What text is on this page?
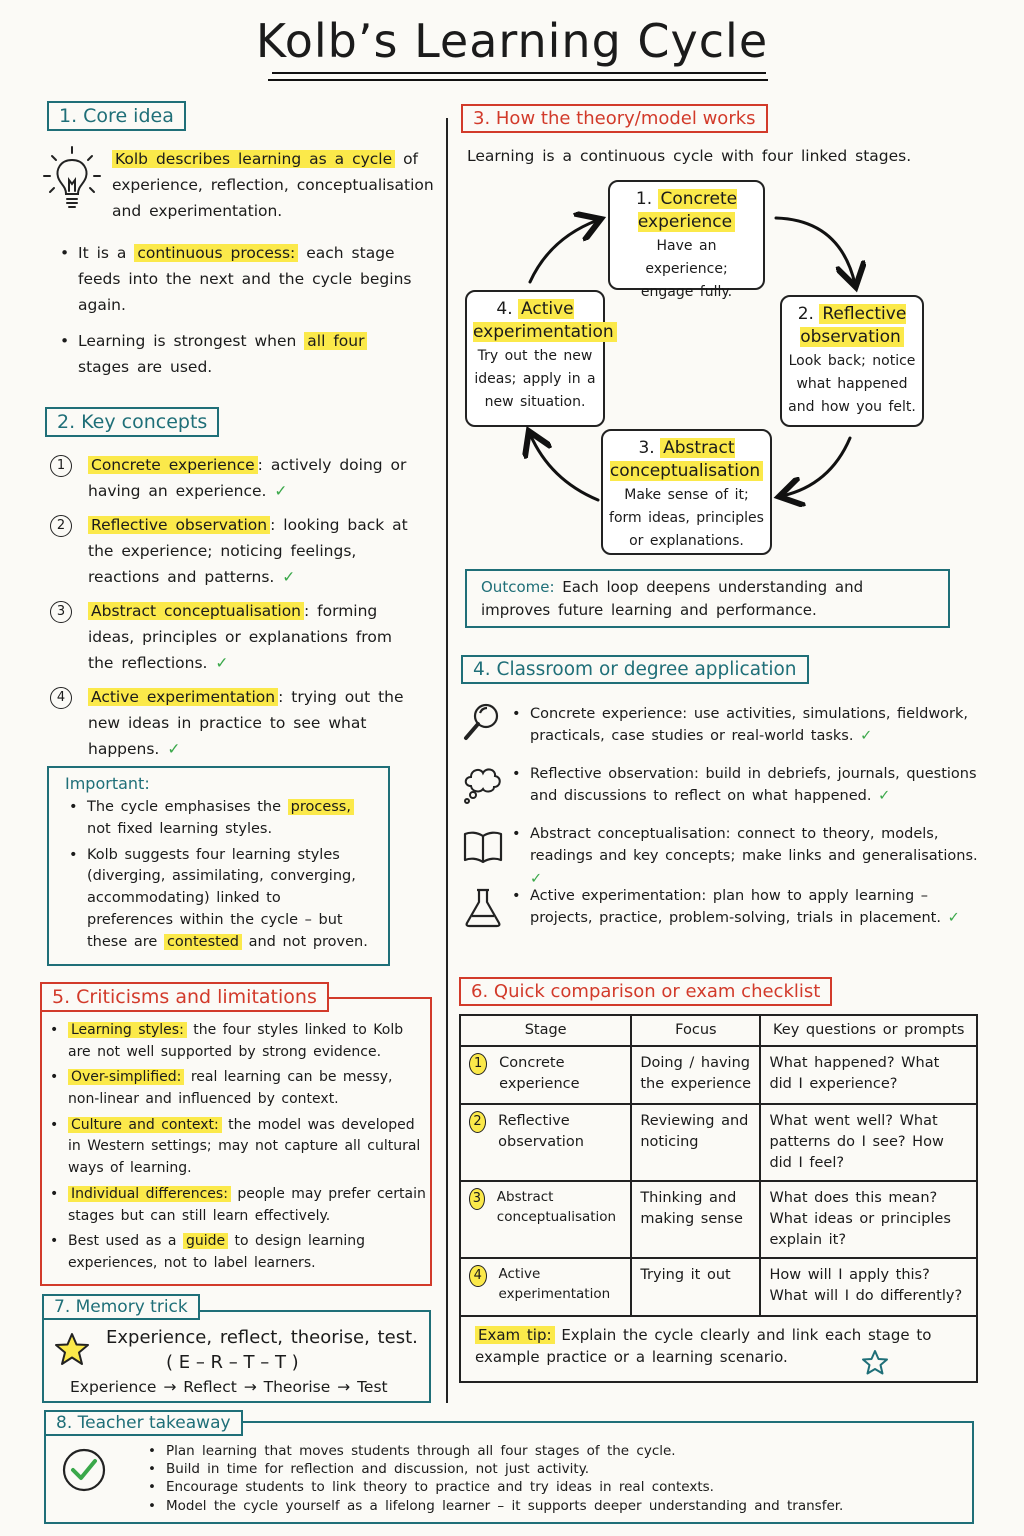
Kolb’s Learning Cycle
1. Core idea
Kolb describes learning as a cycle of experience, reflection, conceptualisation and experimentation.
• It is a continuous process: each stage feeds into the next and the cycle begins again.
• Learning is strongest when all four stages are used.
2. Key concepts
1	Concrete experience : actively doing or having an experience. ✓
2	Reflective observation : looking back at the experience; noticing feelings, reactions and patterns. ✓
3	Abstract conceptualisation : forming ideas, principles or explanations from the reflections. ✓
4	Active experimentation : trying out the new ideas in practice to see what happens. ✓
Important:
• The cycle emphasises the process, not fixed learning styles.
• Kolb suggests four learning styles (diverging, assimilating, converging, accommodating) linked to preferences within the cycle – but these are contested and not proven.
5. Criticisms and limitations
• Learning styles: the four styles linked to Kolb are not well supported by strong evidence.
• Over-simplified: real learning can be messy, non-linear and influenced by context.
• Culture and context: the model was developed in Western settings; may not capture all cultural ways of learning.
• Individual differences: people may prefer certain stages but can still learn effectively.
• Best used as a guide to design learning experiences, not to label learners.
7. Memory trick
Experience, reflect, theorise, test.
( E – R – T – T )
Experience → Reflect → Theorise → Test
3. How the theory/model works
Learning is a continuous cycle with four linked stages.
1. Concrete experience
Have an experience; engage fully.
2. Reflective observation
Look back; notice what happened and how you felt.
3. Abstract conceptualisation
Make sense of it; form ideas, principles or explanations.
4. Active experimentation
Try out the new ideas; apply in a new situation.
Outcome: Each loop deepens understanding and improves future learning and performance.
4. Classroom or degree application
• Concrete experience: use activities, simulations, fieldwork, practicals, case studies or real-world tasks. ✓
• Reflective observation: build in debriefs, journals, questions and discussions to reflect on what happened. ✓
• Abstract conceptualisation: connect to theory, models, readings and key concepts; make links and generalisations. ✓
• Active experimentation: plan how to apply learning – projects, practice, problem-solving, trials in placement. ✓
6. Quick comparison or exam checklist
Stage	Focus	Key questions or prompts

1 Concrete experience	Doing / having the experience	What happened? What did I experience?

2 Reflective observation	Reviewing and noticing	What went well? What patterns do I see? How did I feel?

3 Abstract conceptualisation	Thinking and making sense	What does this mean? What ideas or principles explain it?

4 Active experimentation	Trying it out	How will I apply this? What will I do differently?
Exam tip: Explain the cycle clearly and link each stage to example practice or a learning scenario.		
8. Teacher takeaway
• Plan learning that moves students through all four stages of the cycle.
• Build in time for reflection and discussion, not just activity.
• Encourage students to link theory to practice and try ideas in real contexts.
• Model the cycle yourself as a lifelong learner – it supports deeper understanding and transfer.
